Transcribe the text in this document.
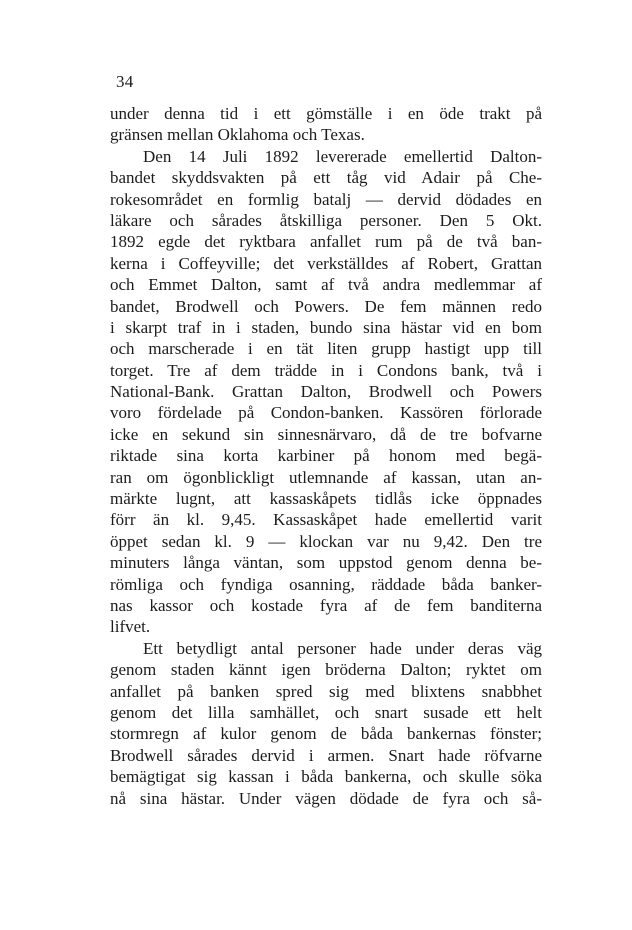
34
under denna tid i ett gömställe i en öde trakt på
gränsen mellan Oklahoma och Texas.
Den 14 Juli 1892 levererade emellertid Dalton-
bandet skyddsvakten på ett tåg vid Adair på Che-
rokesområdet en formlig batalj — dervid dödades en
läkare och sårades åtskilliga personer. Den 5 Okt.
1892 egde det ryktbara anfallet rum på de två ban-
kerna i Coffeyville; det verkställdes af Robert, Grattan
och Emmet Dalton, samt af två andra medlemmar af
bandet, Brodwell och Powers. De fem männen redo
i skarpt traf in i staden, bundo sina hästar vid en bom
och marscherade i en tät liten grupp hastigt upp till
torget. Tre af dem trädde in i Condons bank, två i
National-Bank. Grattan Dalton, Brodwell och Powers
voro fördelade på Condon-banken. Kassören förlorade
icke en sekund sin sinnesnärvaro, då de tre bofvarne
riktade sina korta karbiner på honom med begä-
ran om ögonblickligt utlemnande af kassan, utan an-
märkte lugnt, att kassaskåpets tidlås icke öppnades
förr än kl. 9,45. Kassaskåpet hade emellertid varit
öppet sedan kl. 9 — klockan var nu 9,42. Den tre
minuters långa väntan, som uppstod genom denna be-
römliga och fyndiga osanning, räddade båda banker-
nas kassor och kostade fyra af de fem banditerna
lifvet.
Ett betydligt antal personer hade under deras väg
genom staden kännt igen bröderna Dalton; ryktet om
anfallet på banken spred sig med blixtens snabbhet
genom det lilla samhället, och snart susade ett helt
stormregn af kulor genom de båda bankernas fönster;
Brodwell sårades dervid i armen. Snart hade röfvarne
bemägtigat sig kassan i båda bankerna, och skulle söka
nå sina hästar. Under vägen dödade de fyra och så-
